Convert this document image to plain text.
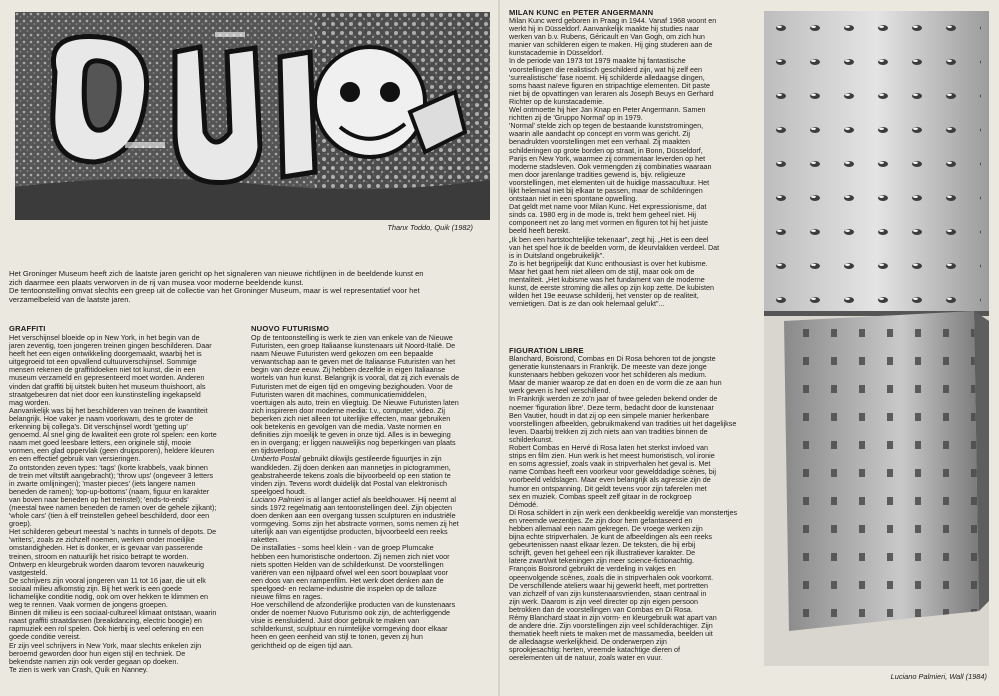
Thanx Toddo, Quik (1982)
Het Groninger Museum heeft zich de laatste jaren gericht op het signaleren van nieuwe richtlijnen in de beeldende kunst en
zich daarmee een plaats verworven in de rij van musea voor moderne beeldende kunst.
De tentoonstelling omvat slechts een greep uit de collectie van het Groninger Museum, maar is wel representatief voor het
verzamelbeleid van de laatste jaren.
GRAFFITI
Het verschijnsel bloeide op in New York, in het begin van de
jaren zeventig, toen jongeren treinen gingen beschilderen. Daar
heeft het een eigen ontwikkeling doorgemaakt, waarbij het is
uitgegroeid tot een opvallend cultuurverschijnsel. Sommige
mensen rekenen de graffitidoeken niet tot kunst, die in een
museum verzameld en gepresenteerd moet worden. Anderen
vinden dat graffiti bij uitstek buiten het museum thuishoort, als
straatgebeuren dat niet door een kunstinstelling ingekapseld
mag worden.
Aanvankelijk was bij het beschilderen van treinen de kwantiteit
belangrijk. Hoe vaker je naam voorkwam, des te groter de
erkenning bij collega's. Dit verschijnsel wordt 'getting up'
genoemd. Al snel ging de kwaliteit een grote rol spelen: een korte
naam met goed leesbare letters, een originele stijl, mooie
vormen, een glad oppervlak (geen druipsporen), heldere kleuren
en een effectief gebruik van versieringen.
Zo ontstonden zeven types: 'tags' (korte krabbels, vaak binnen
de trein met viltstift aangebracht); 'throw ups' (ongeveer 3 letters
in zwarte omlijningen); 'master pieces' (iets langere namen
beneden de ramen); 'top-up-bottoms' (naam, figuur en karakter
van boven naar beneden op het treinstel); 'ends-to-ends'
(meestal twee namen beneden de ramen over de gehele zijkant);
'whole cars' (tien à elf treinstellen geheel beschilderd, door een
groep).
Het schilderen gebeurt meestal 's nachts in tunnels of depots. De
'writers', zoals ze zichzelf noemen, werken onder moeilijke
omstandigheden. Het is donker, er is gevaar van passerende
treinen, stroom en natuurlijk het risico betrapt te worden.
Ontwerp en kleurgebruik worden daarom tevoren nauwkeurig
vastgesteld.
De schrijvers zijn vooral jongeren van 11 tot 16 jaar, die uit elk
sociaal milieu afkomstig zijn. Bij het werk is een goede
lichamelijke conditie nodig, ook om over hekken te klimmen en
weg te rennen. Vaak vormen de jongens groepen.
Binnen dit milieu is een sociaal-cultureel klimaat ontstaan, waarin
naast graffiti straatdansen (breakdancing, electric boogie) en
rapmuziek een rol spelen. Ook hierbij is veel oefening en een
goede conditie vereist.
Er zijn veel schrijvers in New York, maar slechts enkelen zijn
beroemd geworden door hun eigen stijl en techniek. De
bekendste namen zijn ook verder gegaan op doeken.
Te zien is werk van Crash, Quik en Nanney.
NUOVO FUTURISMO
Op de tentoonstelling is werk te zien van enkele van de Nieuwe
Futuristen, een groep Italiaanse kunstenaars uit Noord-Italië. De
naam Nieuwe Futuristen werd gekozen om een bepaalde
verwantschap aan te geven met de Italiaanse Futuristen van het
begin van deze eeuw. Zij hebben dezelfde in eigen Italiaanse
wortels van hun kunst. Belangrijk is vooral, dat zij zich evenals de
Futuristen met de eigen tijd en omgeving bezighouden. Voor de
Futuristen waren dit machines, communicatiemiddelen,
voertuigen als auto, trein en vliegtuig. De Nieuwe Futuristen laten
zich inspireren door moderne media: t.v., computer, video. Zij
beperken zich niet alleen tot uiterlijke effecten, maar gebruiken
ook betekenis en gevolgen van die media. Vaste normen en
definities zijn moeilijk te geven in onze tijd. Alles is in beweging
en in overgang; er liggen nauwelijks nog beperkingen van plaats
en tijdsverloop.
Umberto Postal gebruikt dikwijls gestileerde figuurtjes in zijn
wandkleden. Zij doen denken aan mannetjes in pictogrammen,
geabstraheerde tekens zoals die bijvoorbeeld op een station te
vinden zijn. Tevens wordt duidelijk dat Postal van elektronisch
speelgoed houdt.
Luciano Palmieri is al langer actief als beeldhouwer. Hij neemt al
sinds 1972 regelmatig aan tentoonstellingen deel. Zijn objecten
doen denken aan een overgang tussen sculpturen en industriële
vormgeving. Soms zijn het abstracte vormen, soms nemen zij het
uiterlijk aan van eigentijdse producten, bijvoorbeeld een reeks
raketten.
De installaties - soms heel klein - van de groep Plumcake
hebben een humoristische ondertoon. Zij nemen zich niet voor
niets spotten Helden van de schilderkunst. De voorstellingen
variëren van een nijlpaard ofwel wel een soort bouwplaat voor
een doos van een rampenfilm. Het werk doet denken aan de
speelgoed- en reclame-industrie die inspelen op de talloze
nieuwe films en rages.
Hoe verschillend de afzonderlijke producten van de kunstenaars
onder de noemer Nuovo Futurismo ook zijn, de achterliggende
visie is eensluidend. Juist door gebruik te maken van
schilderkunst, sculptuur en ruimtelijke vormgeving door elkaar
heen en geen eenheid van stijl te tonen, geven zij hun
gerichtheid op de eigen tijd aan.
MILAN KUNC en PETER ANGERMANN
Milan Kunc werd geboren in Praag in 1944. Vanaf 1968 woont en
werkt hij in Düsseldorf. Aanvankelijk maakte hij studies naar
werken van b.v. Rubens, Géricault en Van Gogh, om zich hun
manier van schilderen eigen te maken. Hij ging studeren aan de
kunstacademie in Düsseldorf.
In de periode van 1973 tot 1979 maakte hij fantastische
voorstellingen die realistisch geschilderd zijn, wat hij zelf een
'surrealistische' fase noemt. Hij schilderde alledaagse dingen,
soms haast naïeve figuren en stripachtige elementen. Dit paste
niet bij de opvattingen van leraren als Joseph Beuys en Gerhard
Richter op de kunstacademie.
Wel ontmoette hij hier Jan Knap en Peter Angermann. Samen
richtten zij de 'Gruppo Normal' op in 1979.
'Normal' stelde zich op tegen de bestaande kunststromingen,
waarin alle aandacht op concept en vorm was gericht. Zij
benadrukten voorstellingen met een verhaal. Zij maakten
schilderingen op grote borden op straat, in Bonn, Düsseldorf,
Parijs en New York, waarmee zij commentaar leverden op het
moderne stadsleven. Ook vermengden zij combinaties waaraan
men door jarenlange tradities gewend is, bijv. religieuze
voorstellingen, met elementen uit de huidige massacultuur. Het
lijkt helemaal niet bij elkaar te passen, maar de schilderingen
ontstaan niet in een spontane opwelling.
Dat geldt met name voor Milan Kunc. Het expressionisme, dat
sinds ca. 1980 erg in de mode is, trekt hem geheel niet. Hij
componeert net zo lang met vormen en figuren tot hij het juiste
beeld heeft bereikt.
„Ik ben een hartstochtelijke tekenaar", zegt hij. „Het is een deel
van het spel hoe ik de beelden vorm, de kleurvlakken verdeel. Dat
is in Duitsland ongebruikelijk".
Zo is het begrijpelijk dat Kunc enthousiast is over het kubisme.
Maar het gaat hem niet alleen om de stijl, maar ook om de
mentaliteit. „Het kubisme was het fundament van de moderne
kunst, de eerste stroming die alles op zijn kop zette. De kubisten
wilden het 19e eeuwse schilderij, het venster op de realiteit,
vernietigen. Dat is ze dan ook helemaal gelukt"...
FIGURATION LIBRE
Blanchard, Boisrond, Combas en Di Rosa behoren tot de jongste
generatie kunstenaars in Frankrijk. De meeste van deze jonge
kunstenaars hebben gekozen voor het schilderen als medium.
Maar de manier waarop ze dat en doen en de vorm die ze aan hun
werk geven is heel verschillend.
In Frankrijk werden ze zo'n jaar of twee geleden bekend onder de
noemer 'figuration libre'. Deze term, bedacht door de kunstenaar
Ben Vautier, houdt in dat zij op een simpele manier herkenbare
voorstellingen afbeelden, gebruikmakend van tradities uit het dagelijkse
leven. Daarbij trekken zij zich niets aan van tradities binnen de
schilderkunst.
Robert Combas en Hervé di Rosa laten het sterkst invloed van
strips en film zien. Hun werk is het meest humoristisch, vol ironie
en soms agressief, zoals vaak in stripverhalen het geval is. Met
name Combas heeft een voorkeur voor gewelddadige scènes, bij
voorbeeld veldslagen. Maar even belangrijk als agressie zijn de
humor en ontspanning. Dit geldt tevens voor zijn taferelen met
sex en muziek. Combas speelt zelf gitaar in de rockgroep
Démodé.
Di Rosa schildert in zijn werk een denkbeeldig wereldje van monstertjes
en vreemde wezentjes. Ze zijn door hem gefantaseerd en
hebben allemaal een naam gekregen. De vroege werken zijn
bijna echte stripverhalen. Je kunt de afbeeldingen als een reeks
gebeurtenissen naast elkaar lezen. De teksten, die hij erbij
schrijft, geven het geheel een rijk illustratiever karakter. De
latere zwart/wit tekeningen zijn meer science-fictionachtig.
François Boisrond gebruikt de verdeling in vakjes en
opeenvolgende scènes, zoals die in stripverhalen ook voorkomt.
De verschillende ateliers waar hij gewerkt heeft, met portretten
van zichzelf of van zijn kunstenaarsvrienden, staan centraal in
zijn werk. Daarom is zijn veel directer op zijn eigen persoon
betrokken dan de voorstellingen van Combas en Di Rosa.
Rémy Blanchard staat in zijn vorm- en kleurgebruik wat apart van
de andere drie. Zijn voorstellingen zijn veel schilderachtiger. Zijn
thematiek heeft niets te maken met de massamedia, beelden uit
de alledaagse werkelijkheid. De onderwerpen zijn
sprookjesachtig: herten, vreemde katachtige dieren of
oerelementen uit de natuur, zoals water en vuur.
Luciano Palmieri, Wall (1984)
